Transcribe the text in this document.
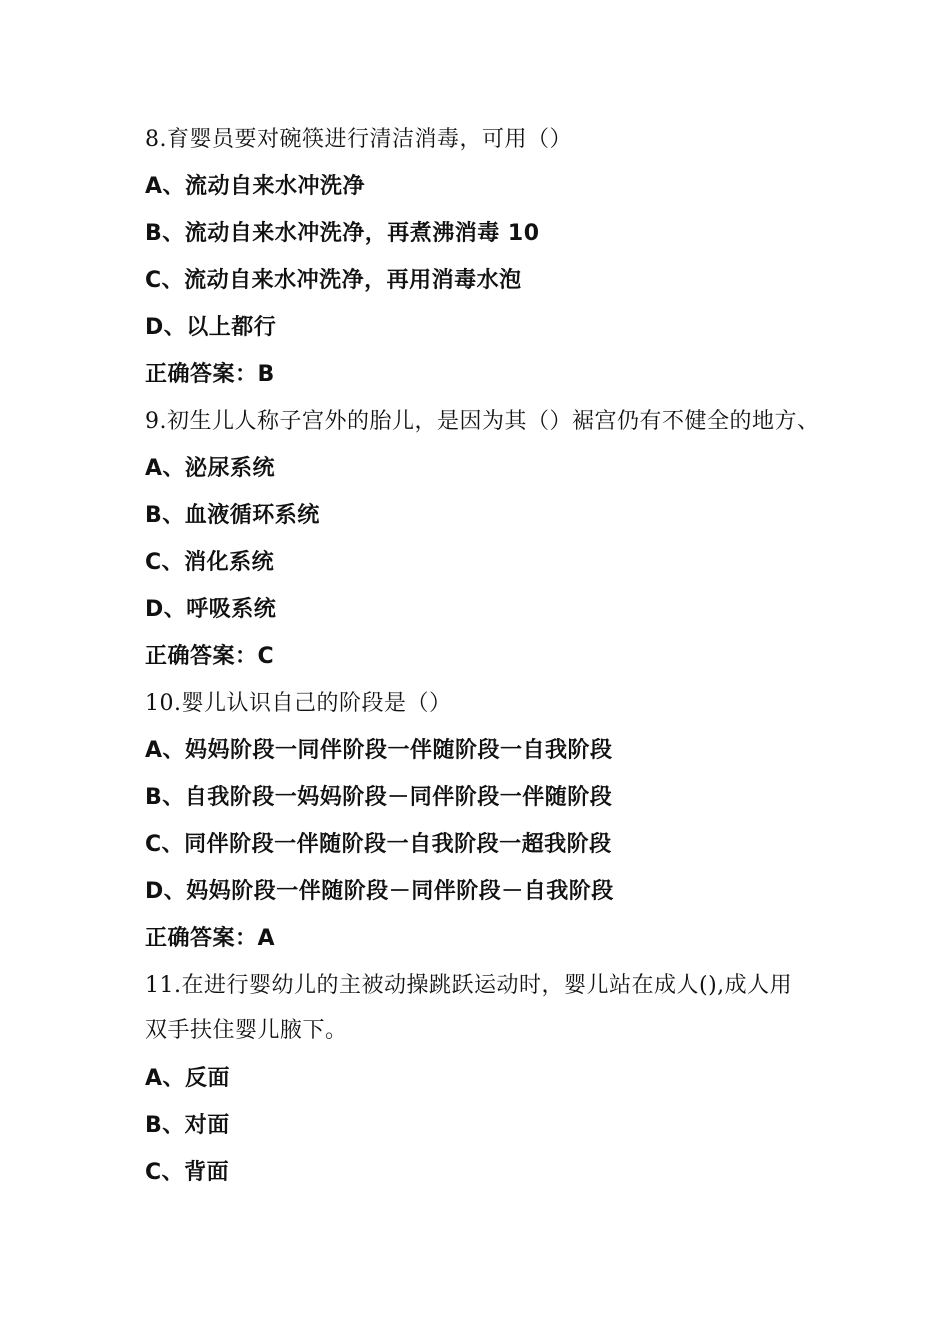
8.育婴员要对碗筷进行清洁消毒，可用（）
A、流动自来水冲洗净
B、流动自来水冲洗净，再煮沸消毒 10
C、流动自来水冲洗净，再用消毒水泡
D、以上都行
正确答案：B
9.初生儿人称子宫外的胎儿，是因为其（）裾宫仍有不健全的地方、
A、泌尿系统
B、血液循环系统
C、消化系统
D、呼吸系统
正确答案：C
10.婴儿认识自己的阶段是（）
A、妈妈阶段一同伴阶段一伴随阶段一自我阶段
B、自我阶段一妈妈阶段－同伴阶段一伴随阶段
C、同伴阶段一伴随阶段一自我阶段一超我阶段
D、妈妈阶段一伴随阶段－同伴阶段－自我阶段
正确答案：A
11.在进行婴幼儿的主被动操跳跃运动时，婴儿站在成人(),成人用
双手扶住婴儿腋下。
A、反面
B、对面
C、背面
